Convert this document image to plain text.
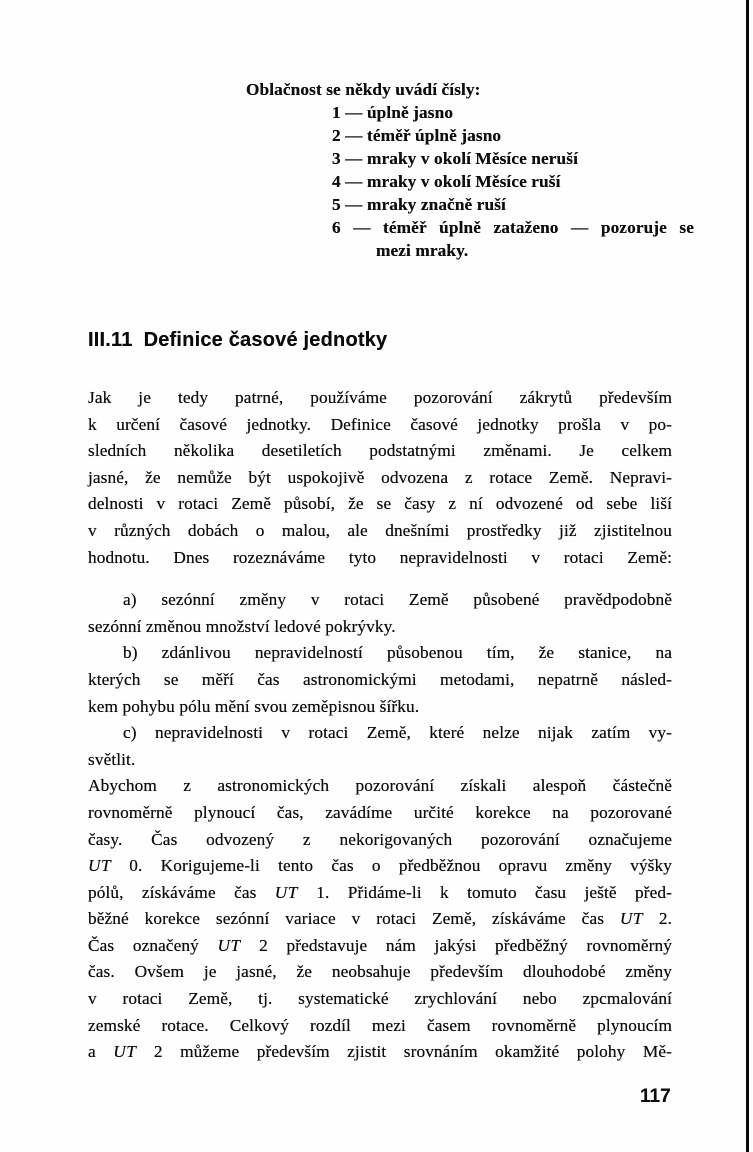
Oblačnost se někdy uvádí čísly:
1 — úplně jasno
2 — téměř úplně jasno
3 — mraky v okolí Měsíce neruší
4 — mraky v okolí Měsíce ruší
5 — mraky značně ruší
6 — téměř úplně zataženo — pozoruje se
mezi mraky.
III.11 Definice časové jednotky
Jak je tedy patrné, používáme pozorování zákrytů především
k určení časové jednotky. Definice časové jednotky prošla v po-
sledních několika desetiletích podstatnými změnami. Je celkem
jasné, že nemůže být uspokojivě odvozena z rotace Země. Nepravi-
delnosti v rotaci Země působí, že se časy z ní odvozené od sebe liší
v různých dobách o malou, ale dnešními prostředky již zjistitelnou
hodnotu. Dnes rozeznáváme tyto nepravidelnosti v rotaci Země:
a) sezónní změny v rotaci Země působené pravědpodobně
sezónní změnou množství ledové pokrývky.
b) zdánlivou nepravidelností působenou tím, že stanice, na
kterých se měří čas astronomickými metodami, nepatrně násled-
kem pohybu pólu mění svou zeměpisnou šířku.
c) nepravidelnosti v rotaci Země, které nelze nijak zatím vy-
světlit.
Abychom z astronomických pozorování získali alespoň částečně
rovnoměrně plynoucí čas, zavádíme určité korekce na pozorované
časy. Čas odvozený z nekorigovaných pozorování označujeme
UT 0. Korigujeme-li tento čas o předběžnou opravu změny výšky
pólů, získáváme čas UT 1. Přidáme-li k tomuto času ještě před-
běžné korekce sezónní variace v rotaci Země, získáváme čas UT 2.
Čas označený UT 2 představuje nám jakýsi předběžný rovnoměrný
čas. Ovšem je jasné, že neobsahuje především dlouhodobé změny
v rotaci Země, tj. systematické zrychlování nebo zpcmalování
zemské rotace. Celkový rozdíl mezi časem rovnoměrně plynoucím
a UT 2 můžeme především zjistit srovnáním okamžité polohy Mě-
117
